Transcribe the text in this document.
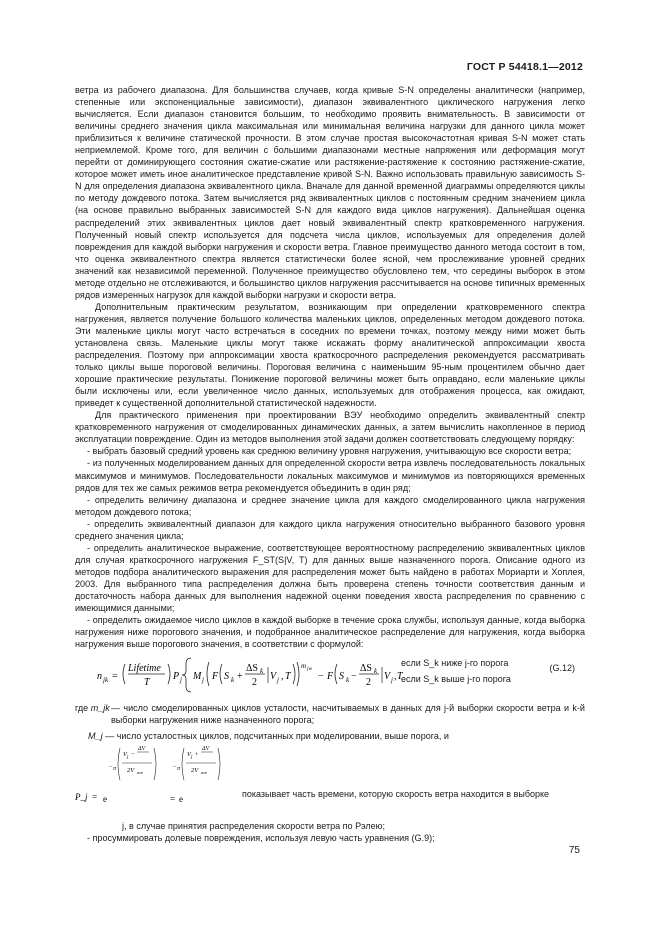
ГОСТ Р 54418.1—2012

ветра из рабочего диапазона. Для большинства случаев, когда кривые S-N определены аналитически (например, степенные или экспоненциальные зависимости), диапазон эквивалентного циклического нагружения легко вычисляется. Если диапазон становится большим, то необходимо проявить внимательность. В зависимости от величины среднего значения цикла максимальная или минимальная величина нагрузки для данного цикла может приблизиться к величине статической прочности. В этом случае простая высокочастотная кривая S-N может стать неприемлемой. Кроме того, для величин с большими диапазонами местные напряжения или деформация могут перейти от доминирующего состояния сжатие-сжатие или растяжение-растяжение к состоянию растяжение-сжатие, которое может иметь иное аналитическое представление кривой S-N. Важно использовать правильную зависимость S-N для определения диапазона эквивалентного цикла. Вначале для данной временной диаграммы определяются циклы по методу дождевого потока. Затем вычисляется ряд эквивалентных циклов с постоянным средним значением цикла (на основе правильно выбранных зависимостей S-N для каждого вида циклов нагружения). Дальнейшая оценка распределений этих эквивалентных циклов дает новый эквивалентный спектр кратковременного нагружения. Полученный новый спектр используется для подсчета числа циклов, используемых для определения долей повреждения для каждой выборки нагружения и скорости ветра. Главное преимущество данного метода состоит в том, что оценка эквивалентного спектра является статистически более ясной, чем прослеживание уровней средних значений как независимой переменной. Полученное преимущество обусловлено тем, что середины выборок в этом методе отдельно не отслеживаются, и большинство циклов нагружения рассчитывается на основе типичных временных рядов измеренных нагрузок для каждой выборки нагрузки и скорости ветра.

Дополнительным практическим результатом, возникающим при определении кратковременного спектра нагружения, является получение большого количества маленьких циклов, определенных методом дождевого потока. Эти маленькие циклы могут часто встречаться в соседних по времени точках, поэтому между ними может быть установлена связь. Маленькие циклы могут также искажать форму аналитической аппроксимации хвоста распределения. Поэтому при аппроксимации хвоста краткосрочного распределения рекомендуется рассматривать только циклы выше пороговой величины. Пороговая величина с наименьшим 95-ным процентилем обычно дает хорошие практические результаты. Понижение пороговой величины может быть оправдано, если маленькие циклы были исключены или, если увеличенное число данных, используемых для отображения процесса, как ожидают, приведет к существенной дополнительной статистической надежности.

Для практического применения при проектировании ВЭУ необходимо определить эквивалентный спектр кратковременного нагружения от смоделированных динамических данных, а затем вычислить накопленное в период эксплуатации повреждение. Один из методов выполнения этой задачи должен соответствовать следующему порядку:

- выбрать базовый средний уровень как среднюю величину уровня нагружения, учитывающую все скорости ветра;

- из полученных моделированием данных для определенной скорости ветра извлечь последовательность локальных максимумов и минимумов. Последовательности локальных максимумов и минимумов из повторяющихся временных рядов для тех же самых режимов ветра рекомендуется объединить в один ряд;

- определить величину диапазона и среднее значение цикла для каждого смоделированного цикла нагружения методом дождевого потока;

- определить эквивалентный диапазон для каждого цикла нагружения относительно выбранного базового уровня среднего значения цикла;

- определить аналитическое выражение, соответствующее вероятностному распределению эквивалентных циклов для случая краткосрочного нагружения F_ST(S|V, T) для данных выше назначенного порога. Описание одного из методов подбора аналитического выражения для распределения может быть найдено в работах Мориарти и Хоплея, 2003. Для выбранного типа распределения должна быть проверена степень точности соответствия данным и достаточность набора данных для выполнения надежной оценки поведения хвоста распределения по сравнению с имеющимися данными;

- определить ожидаемое число циклов в каждой выборке в течение срока службы, используя данные, когда выборка нагружения ниже порогового значения, и подобранное аналитическое распределение для нагружения, когда выборка нагружения выше порогового значения, в соответствии с формулой:

n jk =
Lifetime
T
P j M j F S k +
ΔS k
2
V j , T
m jw
− F S k −
ΔS k
2
V j , T
если S_k ниже j-го порога
если S_k выше j-го порога
(G.12)
где m_jk — число смоделированных циклов усталости, насчитываемых в данных для j-й выборки скорости ветра и k-й выборки нагружения ниже назначенного порога;
M_j — число усталостных циклов, подсчитанных при моделировании, выше порога, и
P_j = e
− π
V j −
ΔV
2V аve
= e
− π
V j +
ΔV
2V аve
показывает часть времени, которую скорость ветра находится в выборке
j, в случае принятия распределения скорости ветра по Рэлею;

- просуммировать долевые повреждения, используя левую часть уравнения (G.9);

75
